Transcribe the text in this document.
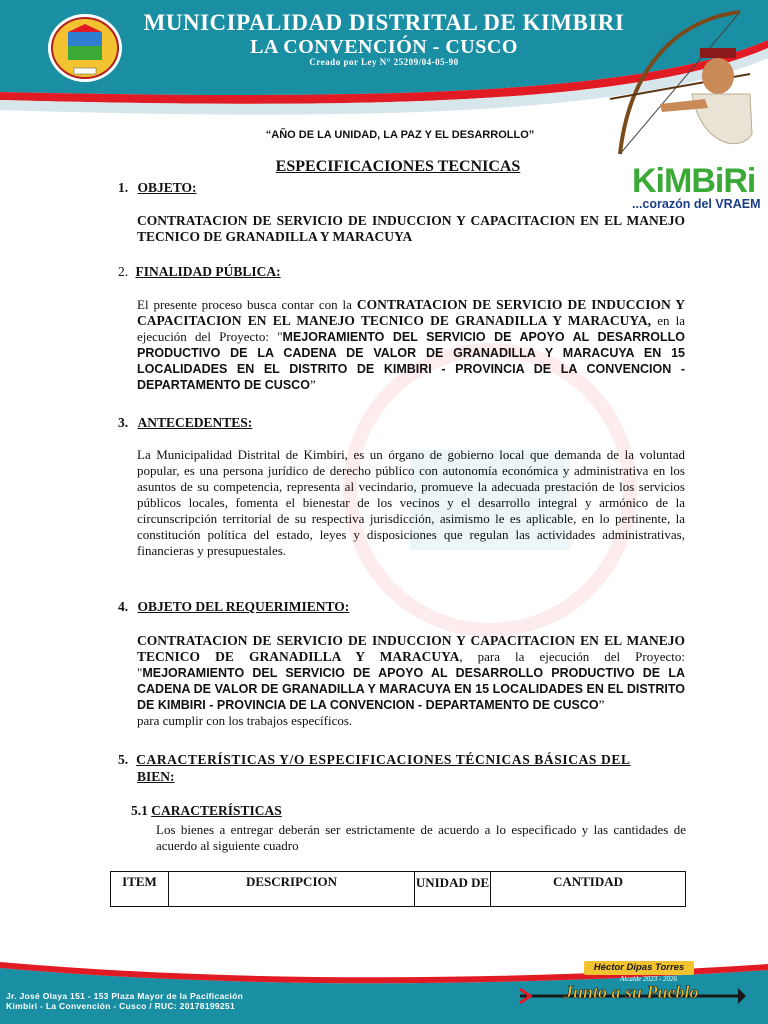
MUNICIPALIDAD DISTRITAL DE KIMBIRI
LA CONVENCIÓN - CUSCO
Creado por Ley N° 25209/04-05-90
KiMBiRi
...corazón del VRAEM
“AÑO DE LA UNIDAD, LA PAZ Y EL DESARROLLO”
ESPECIFICACIONES TECNICAS
1. OBJETO:
CONTRATACION DE SERVICIO DE INDUCCION Y CAPACITACION EN EL MANEJO TECNICO DE GRANADILLA Y MARACUYA
2. FINALIDAD PÚBLICA:
El presente proceso busca contar con la CONTRATACION DE SERVICIO DE INDUCCION Y CAPACITACION EN EL MANEJO TECNICO DE GRANADILLA Y MARACUYA, en la ejecución del Proyecto: "MEJORAMIENTO DEL SERVICIO DE APOYO AL DESARROLLO PRODUCTIVO DE LA CADENA DE VALOR DE GRANADILLA Y MARACUYA EN 15 LOCALIDADES EN EL DISTRITO DE KIMBIRI - PROVINCIA DE LA CONVENCION - DEPARTAMENTO DE CUSCO”
3. ANTECEDENTES:
La Municipalidad Distrital de Kimbiri, es un órgano de gobierno local que demanda de la voluntad popular, es una persona jurídico de derecho público con autonomía económica y administrativa en los asuntos de su competencia, representa al vecindario, promueve la adecuada prestación de los servicios públicos locales, fomenta el bienestar de los vecinos y el desarrollo integral y armónico de la circunscripción territorial de su respectiva jurisdicción, asimismo le es aplicable, en lo pertinente, la constitución política del estado, leyes y disposiciones que regulan las actividades administrativas, financieras y presupuestales.
4. OBJETO DEL REQUERIMIENTO:
CONTRATACION DE SERVICIO DE INDUCCION Y CAPACITACION EN EL MANEJO TECNICO DE GRANADILLA Y MARACUYA, para la ejecución del Proyecto: "MEJORAMIENTO DEL SERVICIO DE APOYO AL DESARROLLO PRODUCTIVO DE LA CADENA DE VALOR DE GRANADILLA Y MARACUYA EN 15 LOCALIDADES EN EL DISTRITO DE KIMBIRI - PROVINCIA DE LA CONVENCION - DEPARTAMENTO DE CUSCO”
para cumplir con los trabajos específicos.
5. CARACTERÍSTICAS Y/O ESPECIFICACIONES TÉCNICAS BÁSICAS DEL
BIEN:
5.1 CARACTERÍSTICAS
Los bienes a entregar deberán ser estrictamente de acuerdo a lo especificado y las cantidades de acuerdo al siguiente cuadro
ITEM	DESCRIPCION	UNIDAD DE	CANTIDAD
Jr. José Olaya 151 - 153 Plaza Mayor de la Pacificación
Kimbiri - La Convención - Cusco / RUC: 20178199251
Héctor Dipas Torres
Alcalde 2023 - 2026
Junto a su Pueblo
